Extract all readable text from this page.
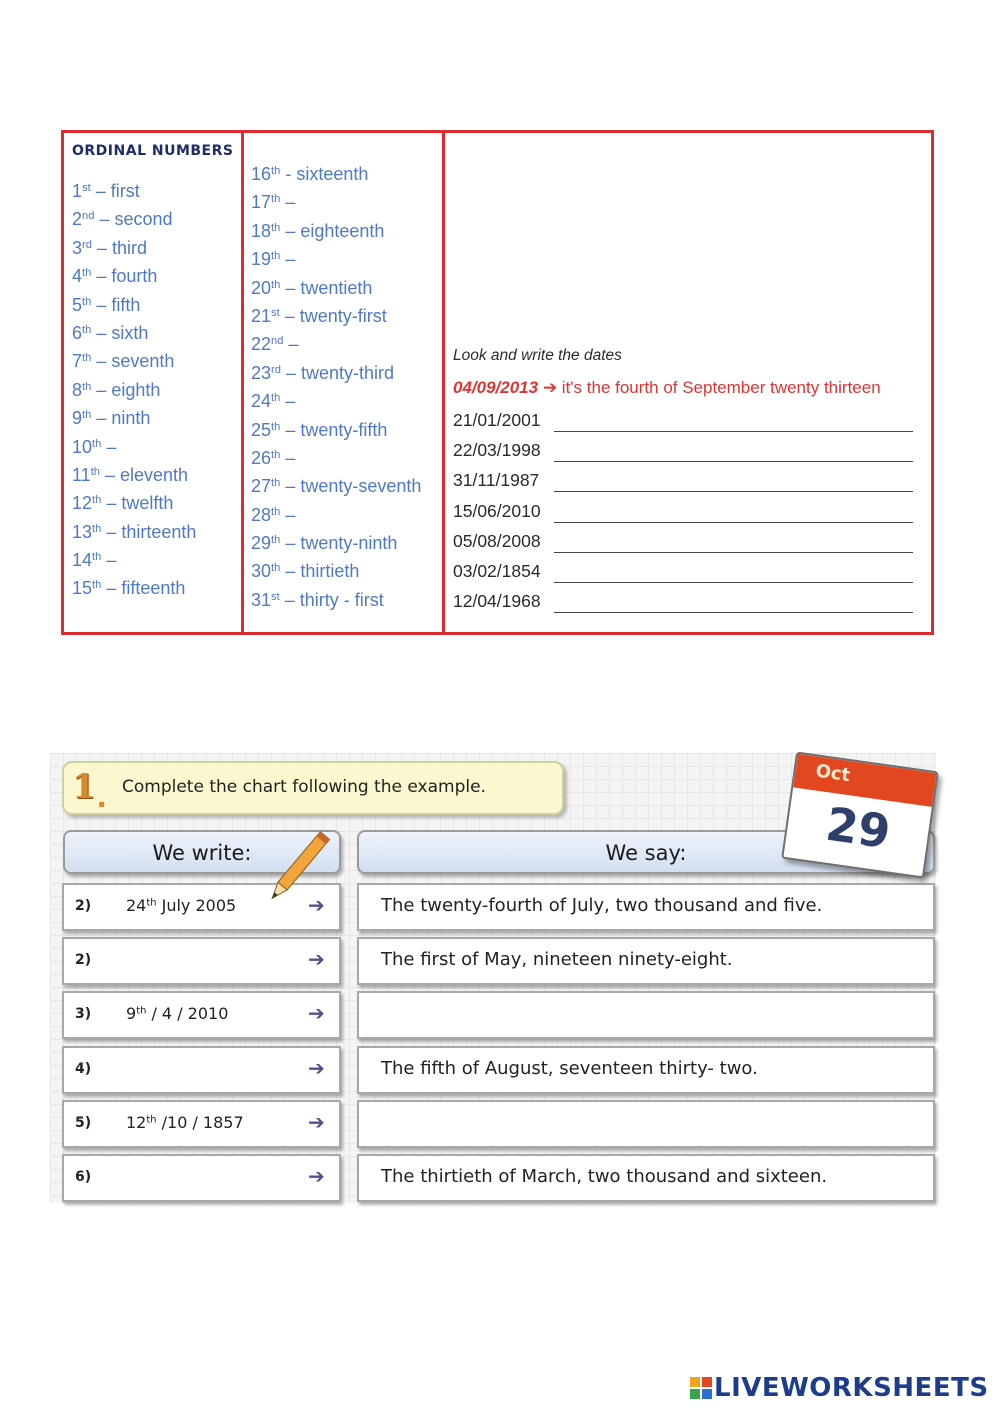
ORDINAL NUMBERS
1st – first
2nd – second
3rd – third
4th – fourth
5th – fifth
6th – sixth
7th – seventh
8th – eighth
9th – ninth
10th –
11th – eleventh
12th – twelfth
13th – thirteenth
14th –
15th – fifteenth
16th - sixteenth
17th –
18th – eighteenth
19th –
20th – twentieth
21st – twenty-first
22nd –
23rd – twenty-third
24th –
25th – twenty-fifth
26th –
27th – twenty-seventh
28th –
29th – twenty-ninth
30th – thirtieth
31st – thirty - first
Look and write the dates
04/09/2013 ➔ it's the fourth of September twenty thirteen
21/01/2001
22/03/1998
31/11/1987
15/06/2010
05/08/2008
03/02/1854
12/04/1968
1 . Complete the chart following the example.
We write:	We say:
2) 24th July 2005	➔	The twenty-fourth of July, two thousand and five.
2)	➔	The first of May, nineteen ninety-eight.
3) 9th / 4 / 2010	➔
4)	➔	The fifth of August, seventeen thirty- two.
5) 12th /10 / 1857	➔
6)	➔	The thirtieth of March, two thousand and sixteen.
Oct
29
LIVEWORKSHEETS
